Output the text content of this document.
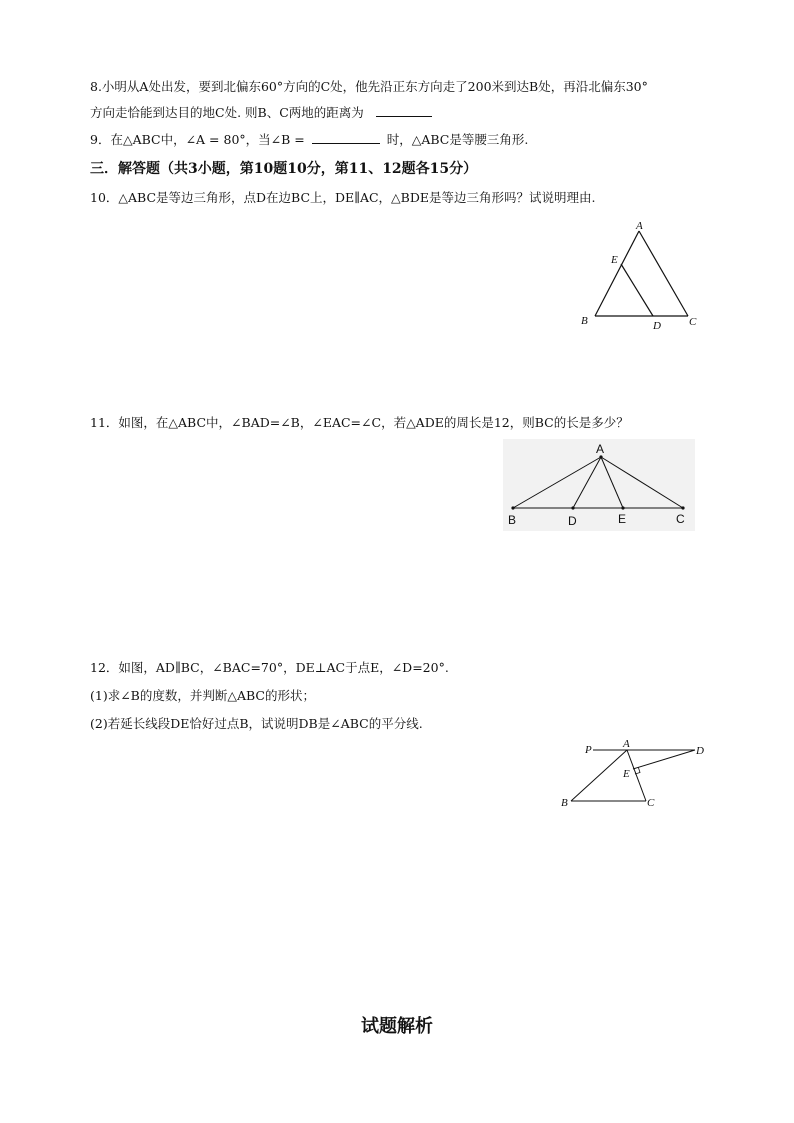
8.小明从A处出发，要到北偏东60°方向的C处，他先沿正东方向走了200米到达B处，再沿北偏东30°
方向走恰能到达目的地C处. 则B、C两地的距离为
9．在△ABC中，∠A = 80°，当∠B =	时，△ABC是等腰三角形.
三．解答题（共3小题，第10题10分，第11、12题各15分）
10．△ABC是等边三角形，点D在边BC上，DE∥AC，△BDE是等边三角形吗？试说明理由.
A
E
B	D	C
11．如图，在△ABC中，∠BAD=∠B，∠EAC=∠C，若△ADE的周长是12，则BC的长是多少？
A
B	D	E	C
12．如图，AD∥BC，∠BAC=70°，DE⊥AC于点E，∠D=20°.
(1)求∠B的度数，并判断△ABC的形状；
(2)若延长线段DE恰好过点B，试说明DB是∠ABC的平分线.
P	A
D
E
B	C
试题解析
